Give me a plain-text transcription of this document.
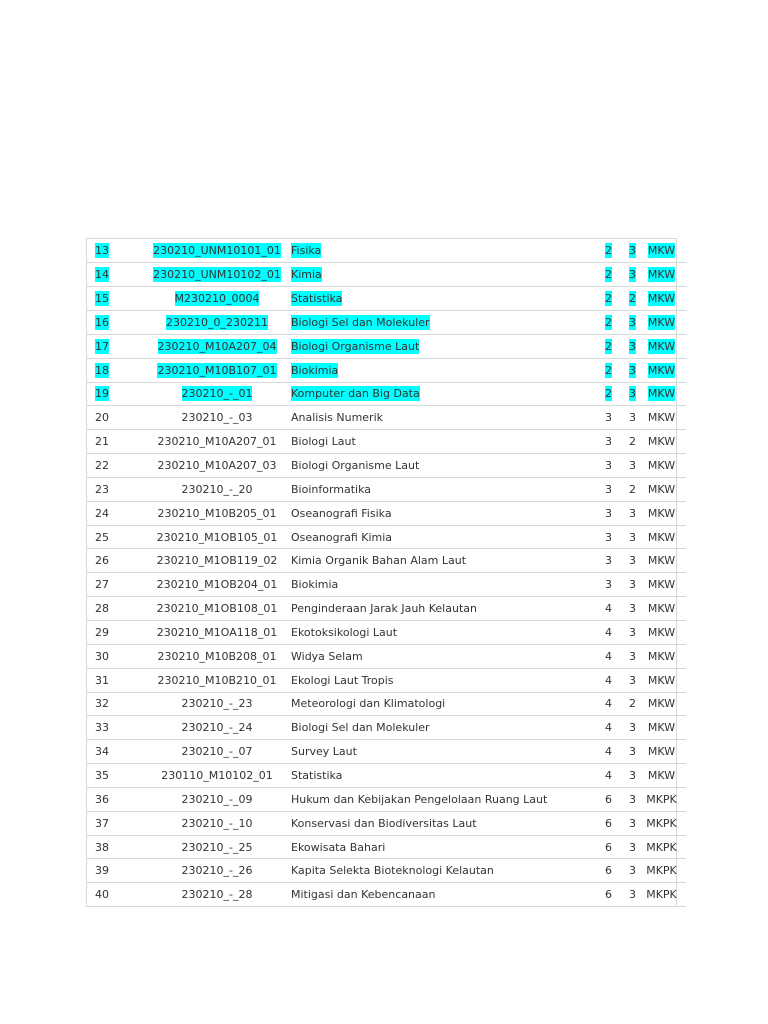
13	230210_UNM10101_01	Fisika	2	3	MKW
14	230210_UNM10102_01	Kimia	2	3	MKW
15	M230210_0004	Statistika	2	2	MKW
16	230210_0_230211	Biologi Sel dan Molekuler	2	3	MKW
17	230210_M10A207_04	Biologi Organisme Laut	2	3	MKW
18	230210_M10B107_01	Biokimia	2	3	MKW
19	230210_-_01	Komputer dan Big Data	2	3	MKW
20	230210_-_03	Analisis Numerik	3	3	MKW
21	230210_M10A207_01	Biologi Laut	3	2	MKW
22	230210_M10A207_03	Biologi Organisme Laut	3	3	MKW
23	230210_-_20	Bioinformatika	3	2	MKW
24	230210_M10B205_01	Oseanografi Fisika	3	3	MKW
25	230210_M1OB105_01	Oseanografi Kimia	3	3	MKW
26	230210_M1OB119_02	Kimia Organik Bahan Alam Laut	3	3	MKW
27	230210_M1OB204_01	Biokimia	3	3	MKW
28	230210_M1OB108_01	Penginderaan Jarak Jauh Kelautan	4	3	MKW
29	230210_M1OA118_01	Ekotoksikologi Laut	4	3	MKW
30	230210_M10B208_01	Widya Selam	4	3	MKW
31	230210_M10B210_01	Ekologi Laut Tropis	4	3	MKW
32	230210_-_23	Meteorologi dan Klimatologi	4	2	MKW
33	230210_-_24	Biologi Sel dan Molekuler	4	3	MKW
34	230210_-_07	Survey Laut	4	3	MKW
35	230110_M10102_01	Statistika	4	3	MKW
36	230210_-_09	Hukum dan Kebijakan Pengelolaan Ruang Laut	6	3	MKPK
37	230210_-_10	Konservasi dan Biodiversitas Laut	6	3	MKPK
38	230210_-_25	Ekowisata Bahari	6	3	MKPK
39	230210_-_26	Kapita Selekta Bioteknologi Kelautan	6	3	MKPK
40	230210_-_28	Mitigasi dan Kebencanaan	6	3	MKPK
